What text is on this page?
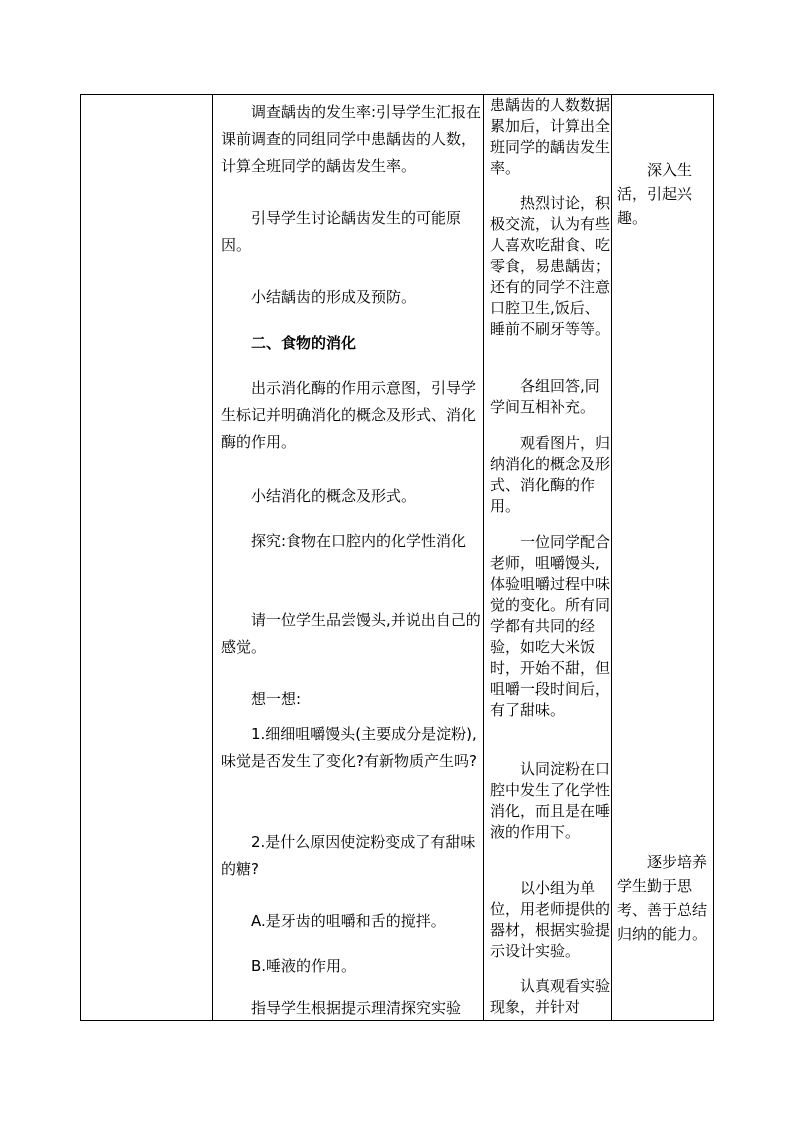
调查龋齿的发生率:引导学生汇报在课前调查的同组同学中患龋齿的人数，计算全班同学的龋齿发生率。
引导学生讨论龋齿发生的可能原因。
小结龋齿的形成及预防。
二、食物的消化
出示消化酶的作用示意图，引导学生标记并明确消化的概念及形式、消化酶的作用。
小结消化的概念及形式。
探究:食物在口腔内的化学性消化
请一位学生品尝馒头,并说出自己的感觉。
想一想:
1.细细咀嚼馒头(主要成分是淀粉),味觉是否发生了变化?有新物质产生吗?
2.是什么原因使淀粉变成了有甜味的糖?
A.是牙齿的咀嚼和舌的搅拌。
B.唾液的作用。
指导学生根据提示理清探究实验
患龋齿的人数数据累加后，计算出全班同学的龋齿发生率。
热烈讨论，积极交流，认为有些人喜欢吃甜食、吃零食，易患龋齿；还有的同学不注意口腔卫生,饭后、睡前不刷牙等等。
各组回答,同学间互相补充。
观看图片，归纳消化的概念及形式、消化酶的作用。
一位同学配合老师，咀嚼馒头,体验咀嚼过程中味觉的变化。所有同学都有共同的经验，如吃大米饭时，开始不甜，但咀嚼一段时间后，有了甜味。
认同淀粉在口腔中发生了化学性消化，而且是在唾液的作用下。
以小组为单位，用老师提供的器材，根据实验提示设计实验。
认真观看实验现象，并针对
深入生活，引起兴趣。
逐步培养学生勤于思考、善于总结归纳的能力。
